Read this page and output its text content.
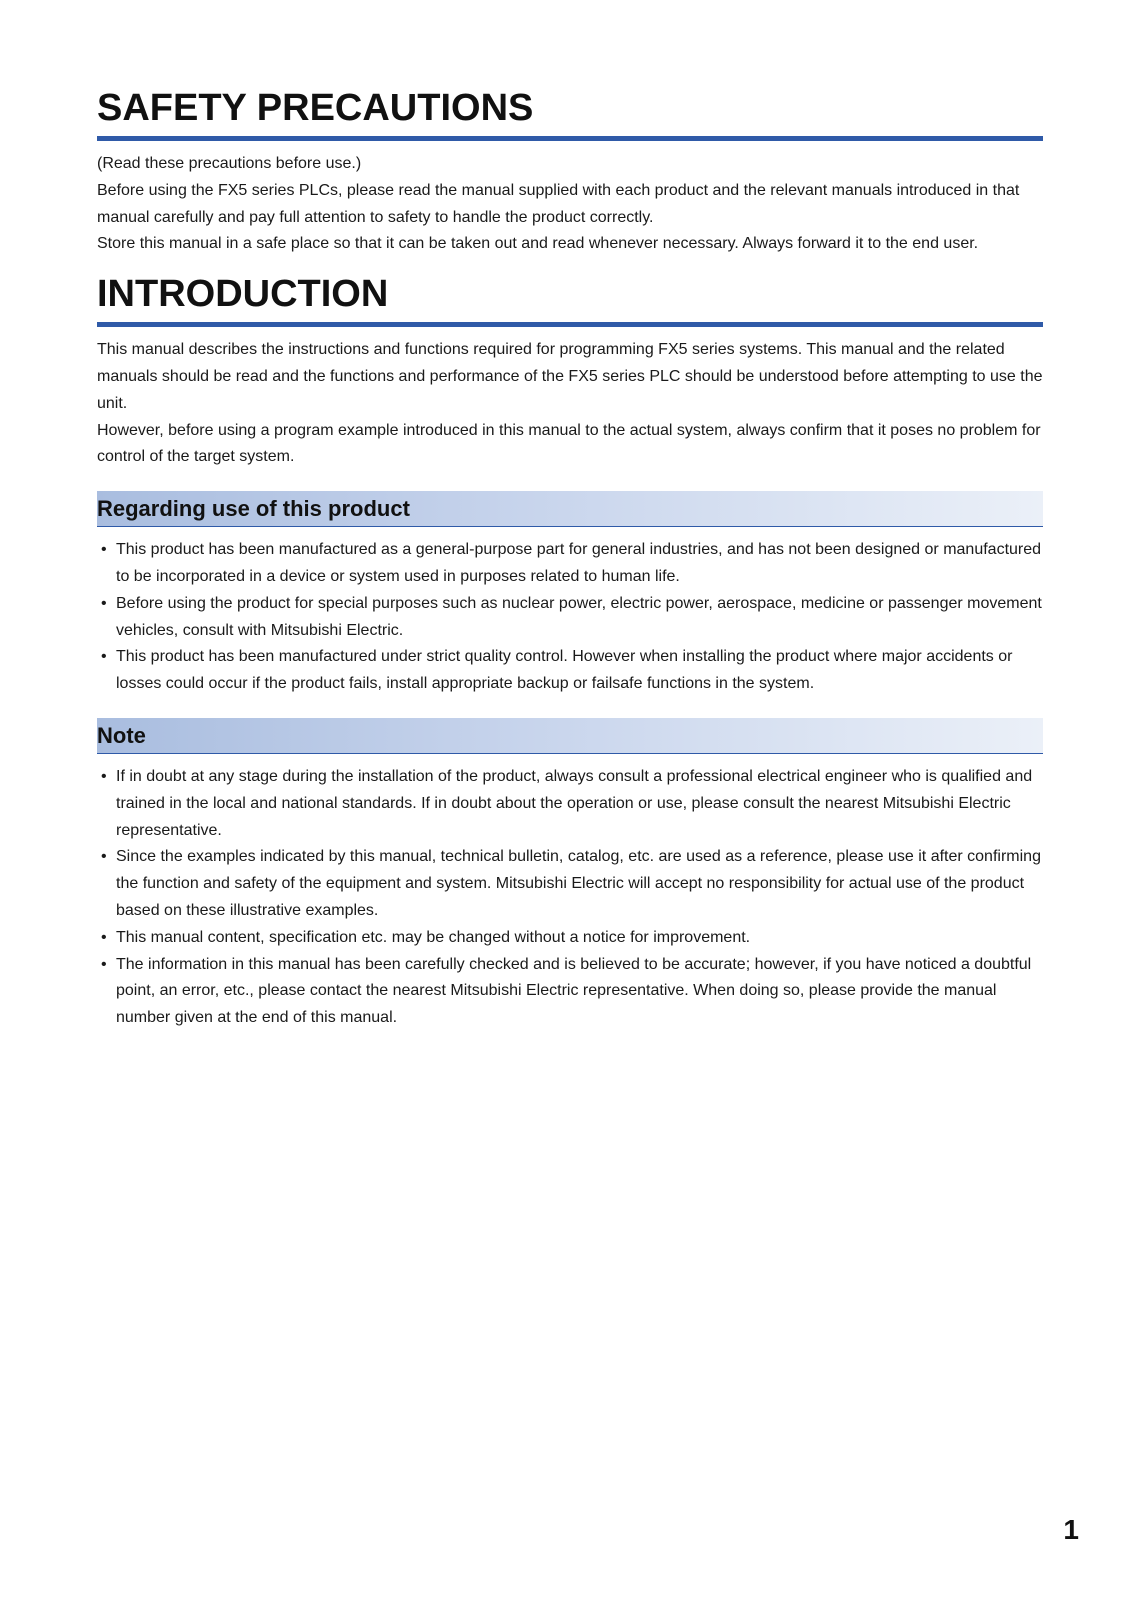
SAFETY PRECAUTIONS

(Read these precautions before use.)

Before using the FX5 series PLCs, please read the manual supplied with each product and the relevant manuals introduced in that manual carefully and pay full attention to safety to handle the product correctly.

Store this manual in a safe place so that it can be taken out and read whenever necessary. Always forward it to the end user.

INTRODUCTION

This manual describes the instructions and functions required for programming FX5 series systems. This manual and the related manuals should be read and the functions and performance of the FX5 series PLC should be understood before attempting to use the unit.

However, before using a program example introduced in this manual to the actual system, always confirm that it poses no problem for control of the target system.

Regarding use of this product
• This product has been manufactured as a general-purpose part for general industries, and has not been designed or manufactured to be incorporated in a device or system used in purposes related to human life.
• Before using the product for special purposes such as nuclear power, electric power, aerospace, medicine or passenger movement vehicles, consult with Mitsubishi Electric.
• This product has been manufactured under strict quality control. However when installing the product where major accidents or losses could occur if the product fails, install appropriate backup or failsafe functions in the system.
Note
• If in doubt at any stage during the installation of the product, always consult a professional electrical engineer who is qualified and trained in the local and national standards. If in doubt about the operation or use, please consult the nearest Mitsubishi Electric representative.
• Since the examples indicated by this manual, technical bulletin, catalog, etc. are used as a reference, please use it after confirming the function and safety of the equipment and system. Mitsubishi Electric will accept no responsibility for actual use of the product based on these illustrative examples.
• This manual content, specification etc. may be changed without a notice for improvement.
• The information in this manual has been carefully checked and is believed to be accurate; however, if you have noticed a doubtful point, an error, etc., please contact the nearest Mitsubishi Electric representative. When doing so, please provide the manual number given at the end of this manual.
1
